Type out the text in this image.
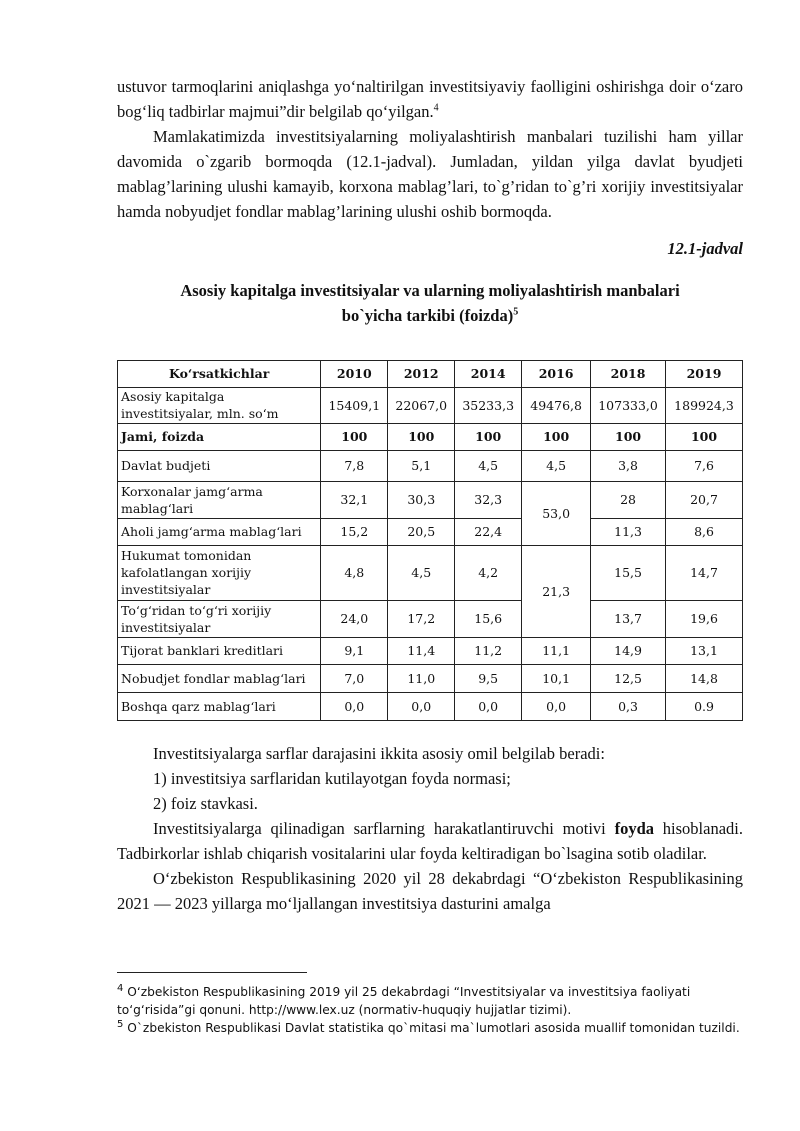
ustuvor tarmoqlarini aniqlashga yo‘naltirilgan investitsiyaviy faolligini oshirishga doir o‘zaro bog‘liq tadbirlar majmui”dir belgilab qo‘yilgan.$^4$

Mamlakatimizda investitsiyalarning moliyalashtirish manbalari tuzilishi ham yillar davomida o`zgarib bormoqda (12.1-jadval). Jumladan, yildan yilga davlat byudjeti mablag’larining ulushi kamayib, korxona mablag’lari, to`g’ridan to`g’ri xorijiy investitsiyalar hamda nobyudjet fondlar mablag’larining ulushi oshib bormoqda.

12.1-jadval

Asosiy kapitalga investitsiyalar va ularning moliyalashtirish manbalari

bo`yicha tarkibi (foizda)$^5$

Ko‘rsatkichlar	2010	2012	2014	2016	2018	2019
Asosiy kapitalga investitsiyalar, mln. so‘m	15409,1	22067,0	35233,3	49476,8	107333,0	189924,3
Jami, foizda	100	100	100	100	100	100
Davlat budjeti	7,8	5,1	4,5	4,5	3,8	7,6
Korxonalar jamg‘arma mablag‘lari	32,1	30,3	32,3	53,0	28	20,7
Aholi jamg‘arma mablag‘lari	15,2	20,5	22,4		11,3	8,6
Hukumat tomonidan kafolatlangan xorijiy investitsiyalar	4,8	4,5	4,2	21,3	15,5	14,7
To‘g‘ridan to‘g‘ri xorijiy investitsiyalar	24,0	17,2	15,6		13,7	19,6
Tijorat banklari kreditlari	9,1	11,4	11,2	11,1	14,9	13,1
Nobudjet fondlar mablag‘lari	7,0	11,0	9,5	10,1	12,5	14,8
Boshqa qarz mablag‘lari	0,0	0,0	0,0	0,0	0,3	0.9

Investitsiyalarga sarflar darajasini ikkita asosiy omil belgilab beradi:

1) investitsiya sarflaridan kutilayotgan foyda normasi;

2) foiz stavkasi.

Investitsiyalarga qilinadigan sarflarning harakatlantiruvchi motivi foyda hisoblanadi. Tadbirkorlar ishlab chiqarish vositalarini ular foyda keltiradigan bo`lsagina sotib oladilar.

O‘zbekiston Respublikasining 2020 yil 28 dekabrdagi “O‘zbekiston Respublikasining 2021 — 2023 yillarga mo‘ljallangan investitsiya dasturini amalga

$^4$ O‘zbekiston Respublikasining 2019 yil 25 dekabrdagi “Investitsiyalar va investitsiya faoliyati to‘g‘risida”gi qonuni. http://www.lex.uz (normativ-huquqiy hujjatlar tizimi).

$^5$ O`zbekiston Respublikasi Davlat statistika qo`mitasi ma`lumotlari asosida muallif tomonidan tuzildi.
